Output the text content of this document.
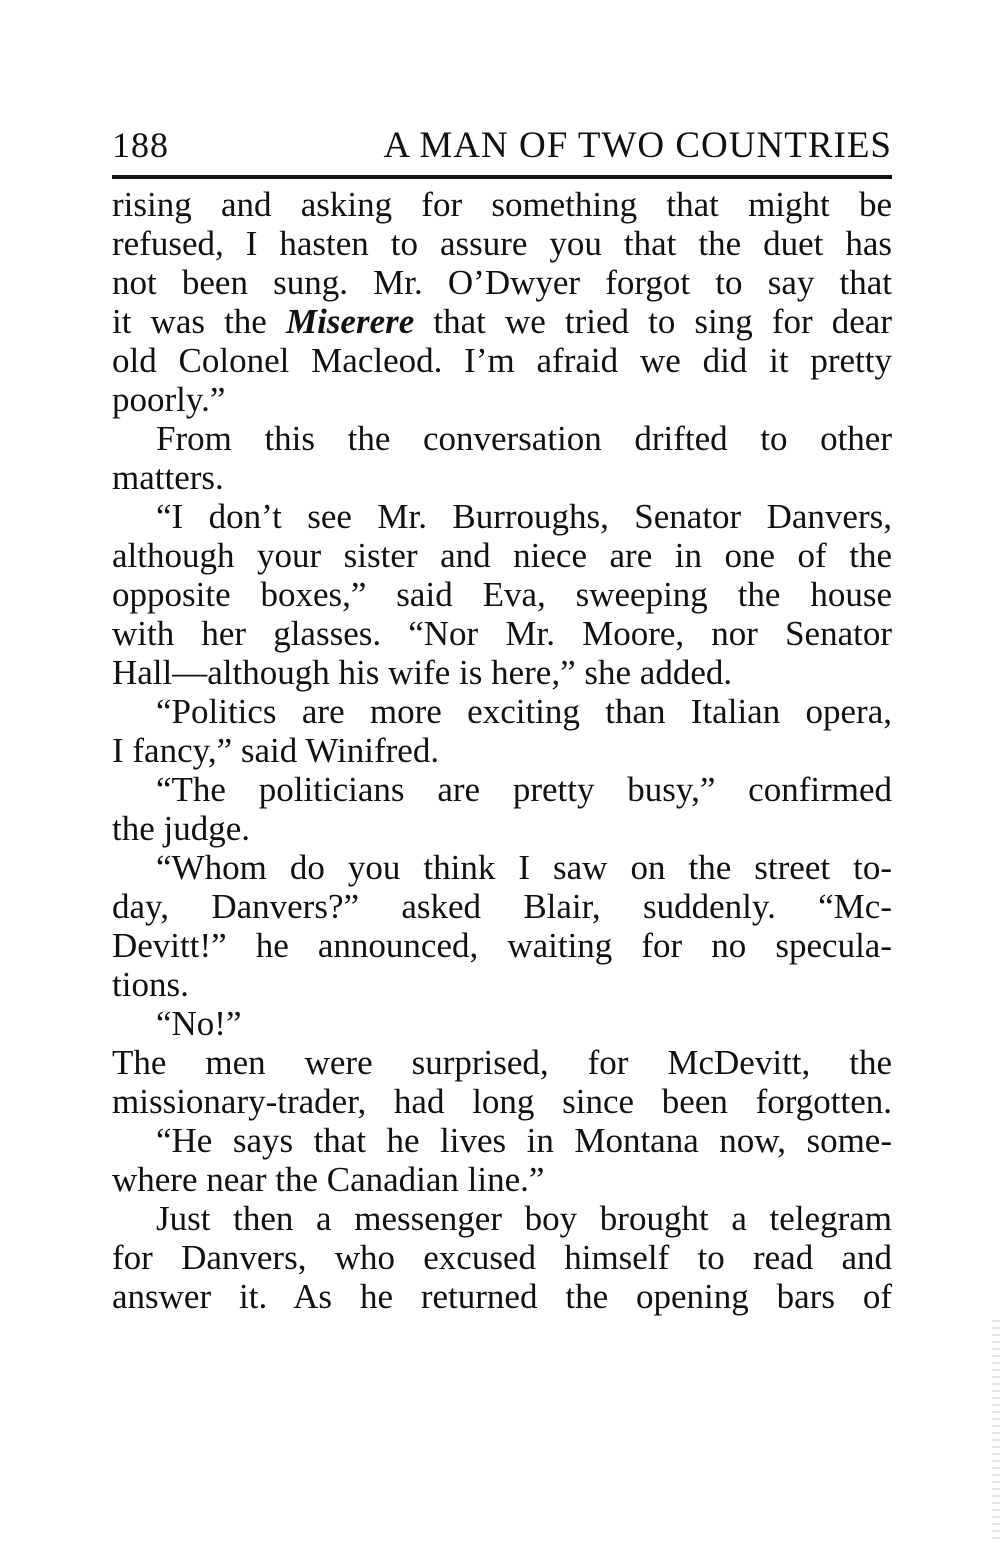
188	A MAN OF TWO COUNTRIES
rising and asking for something that might be
refused, I hasten to assure you that the duet has
not been sung. Mr. O’Dwyer forgot to say that
it was the Miserere that we tried to sing for dear
old Colonel Macleod. I’m afraid we did it pretty
poorly.”
From this the conversation drifted to other
matters.
“I don’t see Mr. Burroughs, Senator Danvers,
although your sister and niece are in one of the
opposite boxes,” said Eva, sweeping the house
with her glasses. “Nor Mr. Moore, nor Senator
Hall—although his wife is here,” she added.
“Politics are more exciting than Italian opera,
I fancy,” said Winifred.
“The politicians are pretty busy,” confirmed
the judge.
“Whom do you think I saw on the street to-
day, Danvers?” asked Blair, suddenly. “Mc-
Devitt!” he announced, waiting for no specula-
tions.
“No!”
The men were surprised, for McDevitt, the
missionary-trader, had long since been forgotten.
“He says that he lives in Montana now, some-
where near the Canadian line.”
Just then a messenger boy brought a telegram
for Danvers, who excused himself to read and
answer it. As he returned the opening bars of
